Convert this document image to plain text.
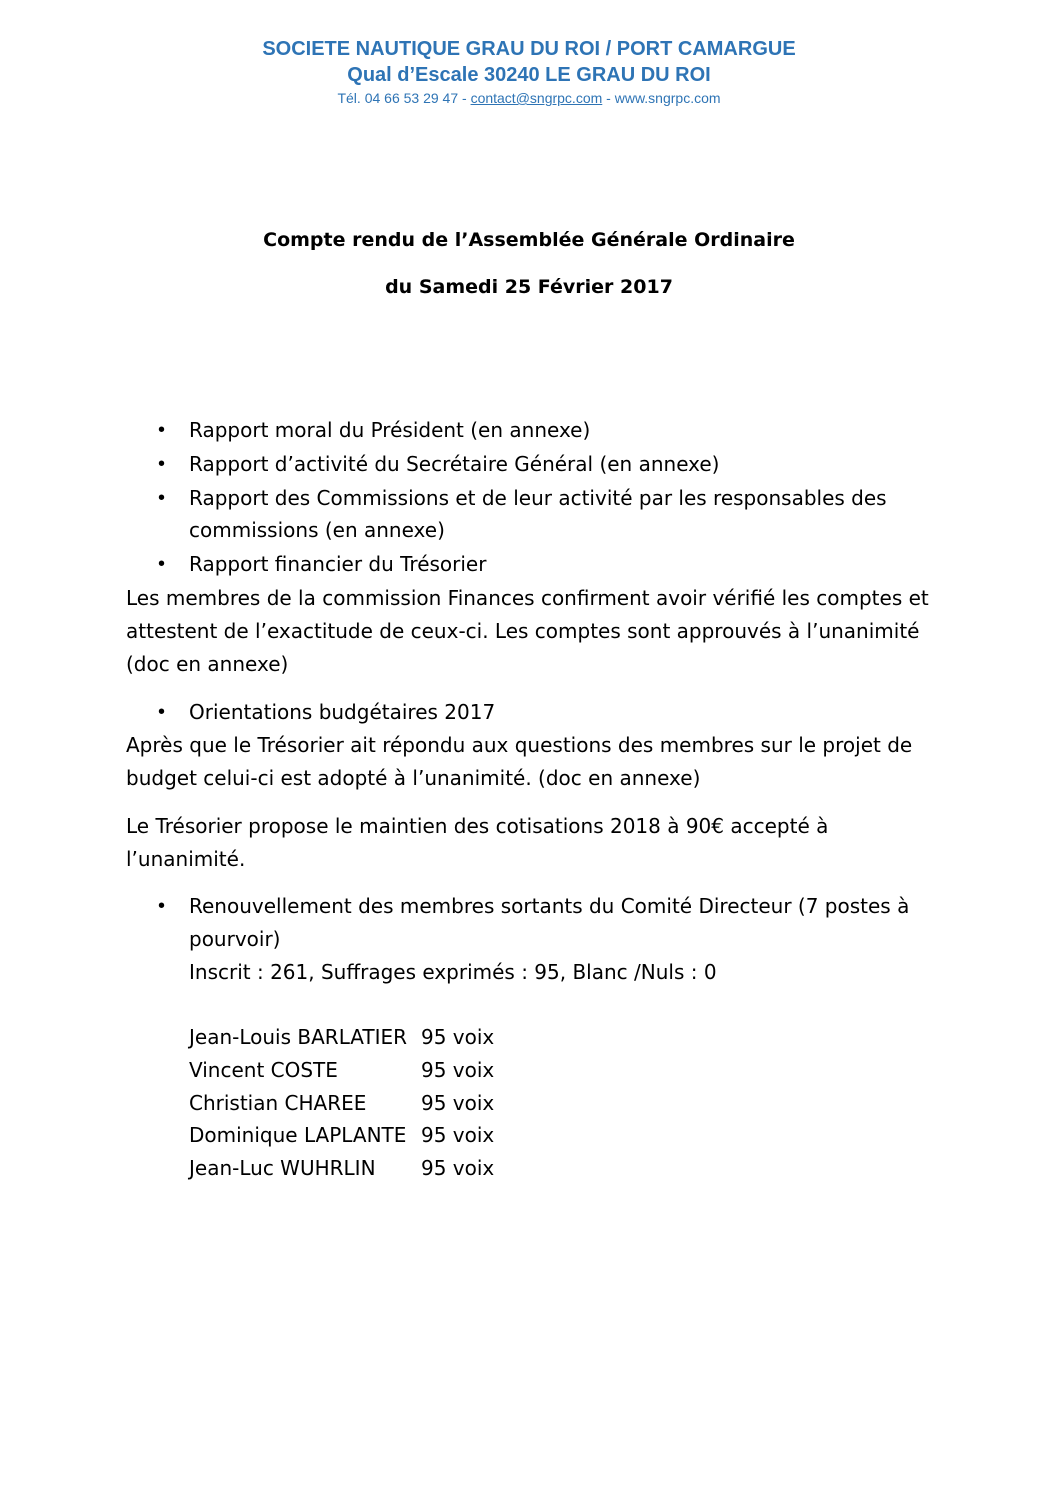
SOCIETE NAUTIQUE GRAU DU ROI / PORT CAMARGUE
Qual d’Escale 30240 LE GRAU DU ROI
Tél. 04 66 53 29 47 - contact@sngrpc.com - www.sngrpc.com
Compte rendu de l’Assemblée Générale Ordinaire
du Samedi 25 Février 2017
•
Rapport moral du Président (en annexe)
•
Rapport d’activité du Secrétaire Général (en annexe)
•
Rapport des Commissions et de leur activité par les responsables des
commissions (en annexe)
•
Rapport financier du Trésorier
Les membres de la commission Finances confirment avoir vérifié les comptes et
attestent de l’exactitude de ceux-ci. Les comptes sont approuvés à l’unanimité
(doc en annexe)
•
Orientations budgétaires 2017
Après que le Trésorier ait répondu aux questions des membres sur le projet de
budget celui-ci est adopté à l’unanimité. (doc en annexe)
Le Trésorier propose le maintien des cotisations 2018 à 90€ accepté à
l’unanimité.
•
Renouvellement des membres sortants du Comité Directeur (7 postes à
pourvoir)
Inscrit : 261, Suffrages exprimés : 95, Blanc /Nuls : 0
Jean-Louis BARLATIER 95 voix
Vincent COSTE	95 voix
Christian CHAREE	95 voix
Dominique LAPLANTE 95 voix
Jean-Luc WUHRLIN 95 voix
